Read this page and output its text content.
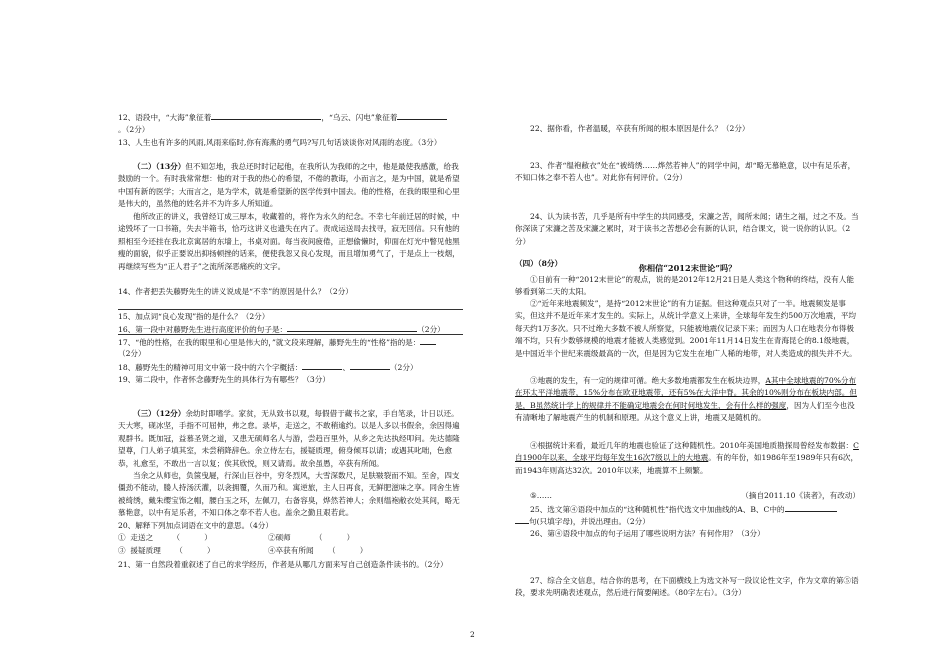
12、语段中，“大海”象征着	，“乌云、闪电”象征着
。（2分）
13、人生也有许多的风雨,风雨来临时,你有海燕的勇气吗?写几句话谈谈你对风雨的态度。（3分）
（二）（13分）但不知怎地，我总还时时记起他，在我所认为我师的之中，他是最使我感激，给我鼓励的一个。有时我常常想：他的对于我的热心的希望，不倦的教诲，小而言之，是为中国，就是希望中国有新的医学；大而言之，是为学术，就是希望新的医学传到中国去。他的性格，在我的眼里和心里是伟大的，虽然他的姓名并不为许多人所知道。
他所改正的讲义，我曾经订成三厚本，收藏着的，将作为永久的纪念。不幸七年前迁居的时候，中途毁坏了一口书箱，失去半箱书，恰巧这讲义也遗失在内了。责成运送局去找寻，寂无回信。只有他的照相至今还挂在我北京寓居的东墙上，书桌对面。每当夜间疲倦，正想偷懒时，仰面在灯光中瞥见他黑瘦的面貌，似乎正要说出抑扬顿挫的话来，便使我忽又良心发现，而且增加勇气了，于是点上一枝烟，再继续写些为“正人君子”之流所深恶痛疾的文字。
14、作者把丢失藤野先生的讲义说成是“不幸”的原因是什么？（2分）
15、加点词“良心发现”指的是什么？（2分）
16、第一段中对藤野先生进行高度评价的句子是：	（2分）
17、“他的性格，在我的眼里和心里是伟大的，”就文段来理解，藤野先生的“性格”指的是：
（2分）
18、藤野先生的精神可用文中第一段中的六个字概括：	、	（2分）
19、第二段中，作者怀念藤野先生的具体行为有哪些？（3分）
（三）（12分）余幼时即嗜学。家贫，无从致书以观，每假借于藏书之家，手自笔录，计日以还。天大寒，砚冰坚，手指不可屈伸，弗之怠。录毕，走送之，不敢稍逾约。以是人多以书假余，余因得遍观群书。既加冠，益慕圣贤之道，又患无硕师名人与游，尝趋百里外，从乡之先达执经叩问。先达德隆望尊，门人弟子填其室，未尝稍降辞色。余立侍左右，援疑质理，俯身倾耳以请；或遇其叱咄，色愈恭，礼愈至，不敢出一言以复；俟其欣悦，则又请焉。故余虽愚，卒获有所闻。
当余之从师也，负箧曳屣，行深山巨谷中，穷冬烈风，大雪深数尺，足肤皲裂而不知。至舍，四支僵劲不能动，媵人持汤沃灌，以衾拥覆，久而乃和。寓逆旅，主人日再食，无鲜肥滋味之享。同舍生皆被绮绣，戴朱缨宝饰之帽，腰白玉之环，左佩刀，右备容臭，烨然若神人；余则缊袍敝衣处其间，略无慕艳意，以中有足乐者，不知口体之奉不若人也。盖余之勤且艰若此。
20、解释下列加点词语在文中的意思。（4分）
①  走送之        （          ）	②硕师          （          ）
③  援疑质理      （          ）	④卒获有所闻      （          ）
21、第一自然段着重叙述了自己的求学经历，作者是从哪几方面来写自己创造条件读书的。（2分）
22、据你看，作者温暖，卒获有所闻的根本原因是什么？（2分）
23、作者“缊袍敝衣”处在“被绮绣……烨然若神人”的同学中间，却“略无慕艳意，以中有足乐者，不知口体之奉不若人也”。对此你有何评价。（2分）
24、认为读书苦，几乎是所有中学生的共同感受，宋濂之苦，闻所未闻；诸生之福，过之不及。当你深读了宋濂之苦及宋濂之累时，对于读书之苦想必会有新的认识，结合课文，说一说你的认识。（2分）
（四）（8分）	你相信“2012末世论”吗？
①目前有一种“2012末世论”的观点，说的是2012年12月21日是人类这个物种的终结，没有人能够看到第二天的太阳。
②“近年来地震频发”，是持“2012末世论”的有力证据。但这种观点只对了一半。地震频发是事实，但这并不是近年来才发生的。实际上，从统计学意义上来讲，全球每年发生约500万次地震，平均每天约1万多次。只不过绝大多数不被人所察觉，只能被地震仪记录下来；而因为人口在地表分布得极端不均，只有少数够规模的地震才能被人类感觉到。2001年11月14日发生在青海昆仑的8.1级地震，是中国近半个世纪来震级最高的一次，但是因为它发生在地广人稀的地带，对人类造成的损失并不大。
③地震的发生，有一定的规律可循。绝大多数地震都发生在板块边界，A其中全球地震的70%分布在环太平洋地震带，15%分布在欧亚地震带，还有5%在大洋中脊。其余的10%则分布在板块内部。但是，B虽然统计学上的规律并不能确定地震会在何时何地发生，会有什么样的强度，因为人们至今也没有清晰地了解地震产生的机制和原理。从这个意义上讲，地震又是随机的。
④根据统计来看，最近几年的地震也验证了这种随机性。2010年美国地质勘探局曾经发布数据：C自1900年以来，全球平均每年发生16次7级以上的大地震。有的年份，如1986年至1989年只有6次，而1943年则高达32次。2010年以来，地震算不上频繁。
⑤……	（摘自2011.10《读者》，有改动）
25、选文第④语段中加点的“这种随机性”指代选文中加曲线的A、B、C中的
句(只填字母)，并说出理由。（2分）
26、第④语段中加点的句子运用了哪些说明方法？有何作用？（3分）
27、综合全文信息，结合你的思考，在下面横线上为选文补写一段议论性文字，作为文章的第⑤语段，要求先明确表述观点，然后进行简要阐述。（80字左右）。（3分）
2
